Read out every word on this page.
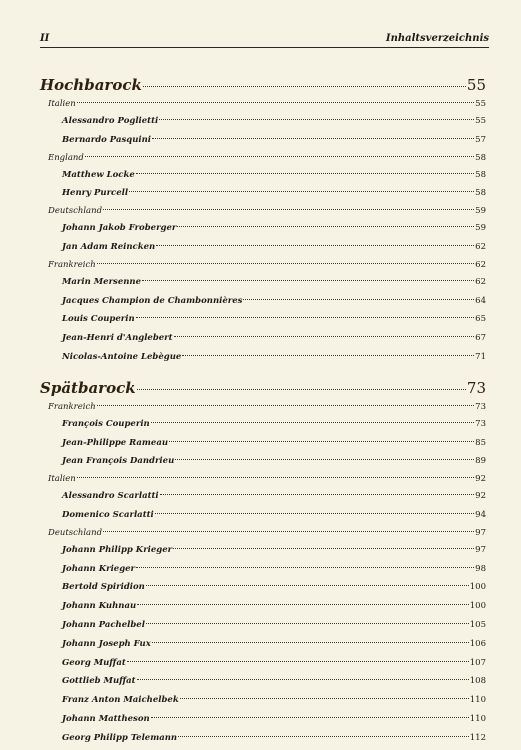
II	Inhaltsverzeichnis
Hochbarock	55
Italien	55
Alessandro Poglietti	55
Bernardo Pasquini	57
England	58
Matthew Locke	58
Henry Purcell	58
Deutschland	59
Johann Jakob Froberger	59
Jan Adam Reincken	62
Frankreich	62
Marin Mersenne	62
Jacques Champion de Chambonnières	64
Louis Couperin	65
Jean-Henri d'Anglebert	67
Nicolas-Antoine Lebègue	71
Spätbarock	73
Frankreich	73
François Couperin	73
Jean-Philippe Rameau	85
Jean François Dandrieu	89
Italien	92
Alessandro Scarlatti	92
Domenico Scarlatti	94
Deutschland	97
Johann Philipp Krieger	97
Johann Krieger	98
Bertold Spiridion	100
Johann Kuhnau	100
Johann Pachelbel	105
Johann Joseph Fux	106
Georg Muffat	107
Gottlieb Muffat	108
Franz Anton Maichelbek	110
Johann Mattheson	110
Georg Philipp Telemann	112
